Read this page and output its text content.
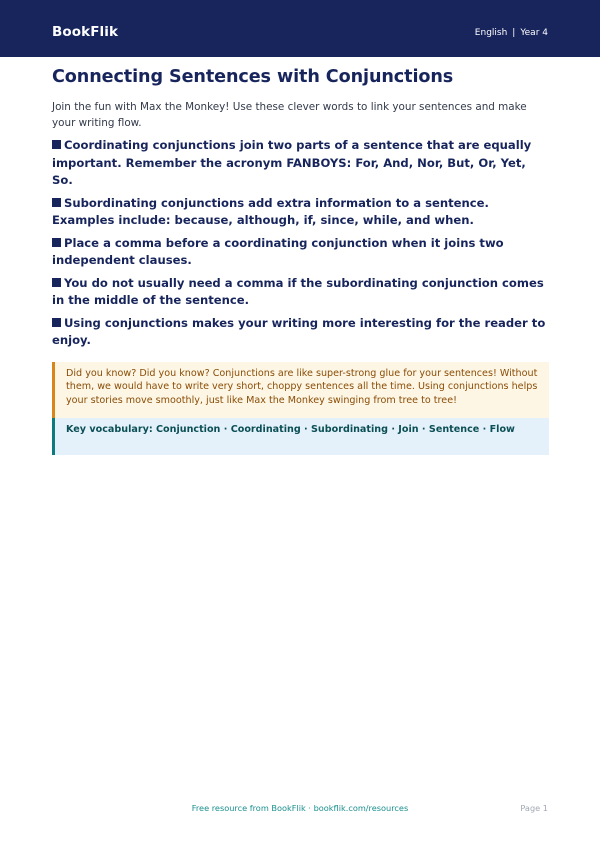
BookFlik	English | Year 4
Connecting Sentences with Conjunctions

Join the fun with Max the Monkey! Use these clever words to link your sentences and make your writing flow.

Coordinating conjunctions join two parts of a sentence that are equally important. Remember the acronym FANBOYS: For, And, Nor, But, Or, Yet, So.
Subordinating conjunctions add extra information to a sentence. Examples include: because, although, if, since, while, and when.
Place a comma before a coordinating conjunction when it joins two independent clauses.
You do not usually need a comma if the subordinating conjunction comes in the middle of the sentence.
Using conjunctions makes your writing more interesting for the reader to enjoy.
Did you know? Did you know? Conjunctions are like super-strong glue for your sentences! Without them, we would have to write very short, choppy sentences all the time. Using conjunctions helps your stories move smoothly, just like Max the Monkey swinging from tree to tree!
Key vocabulary: Conjunction · Coordinating · Subordinating · Join · Sentence · Flow
Free resource from BookFlik · bookflik.com/resources	Page 1
